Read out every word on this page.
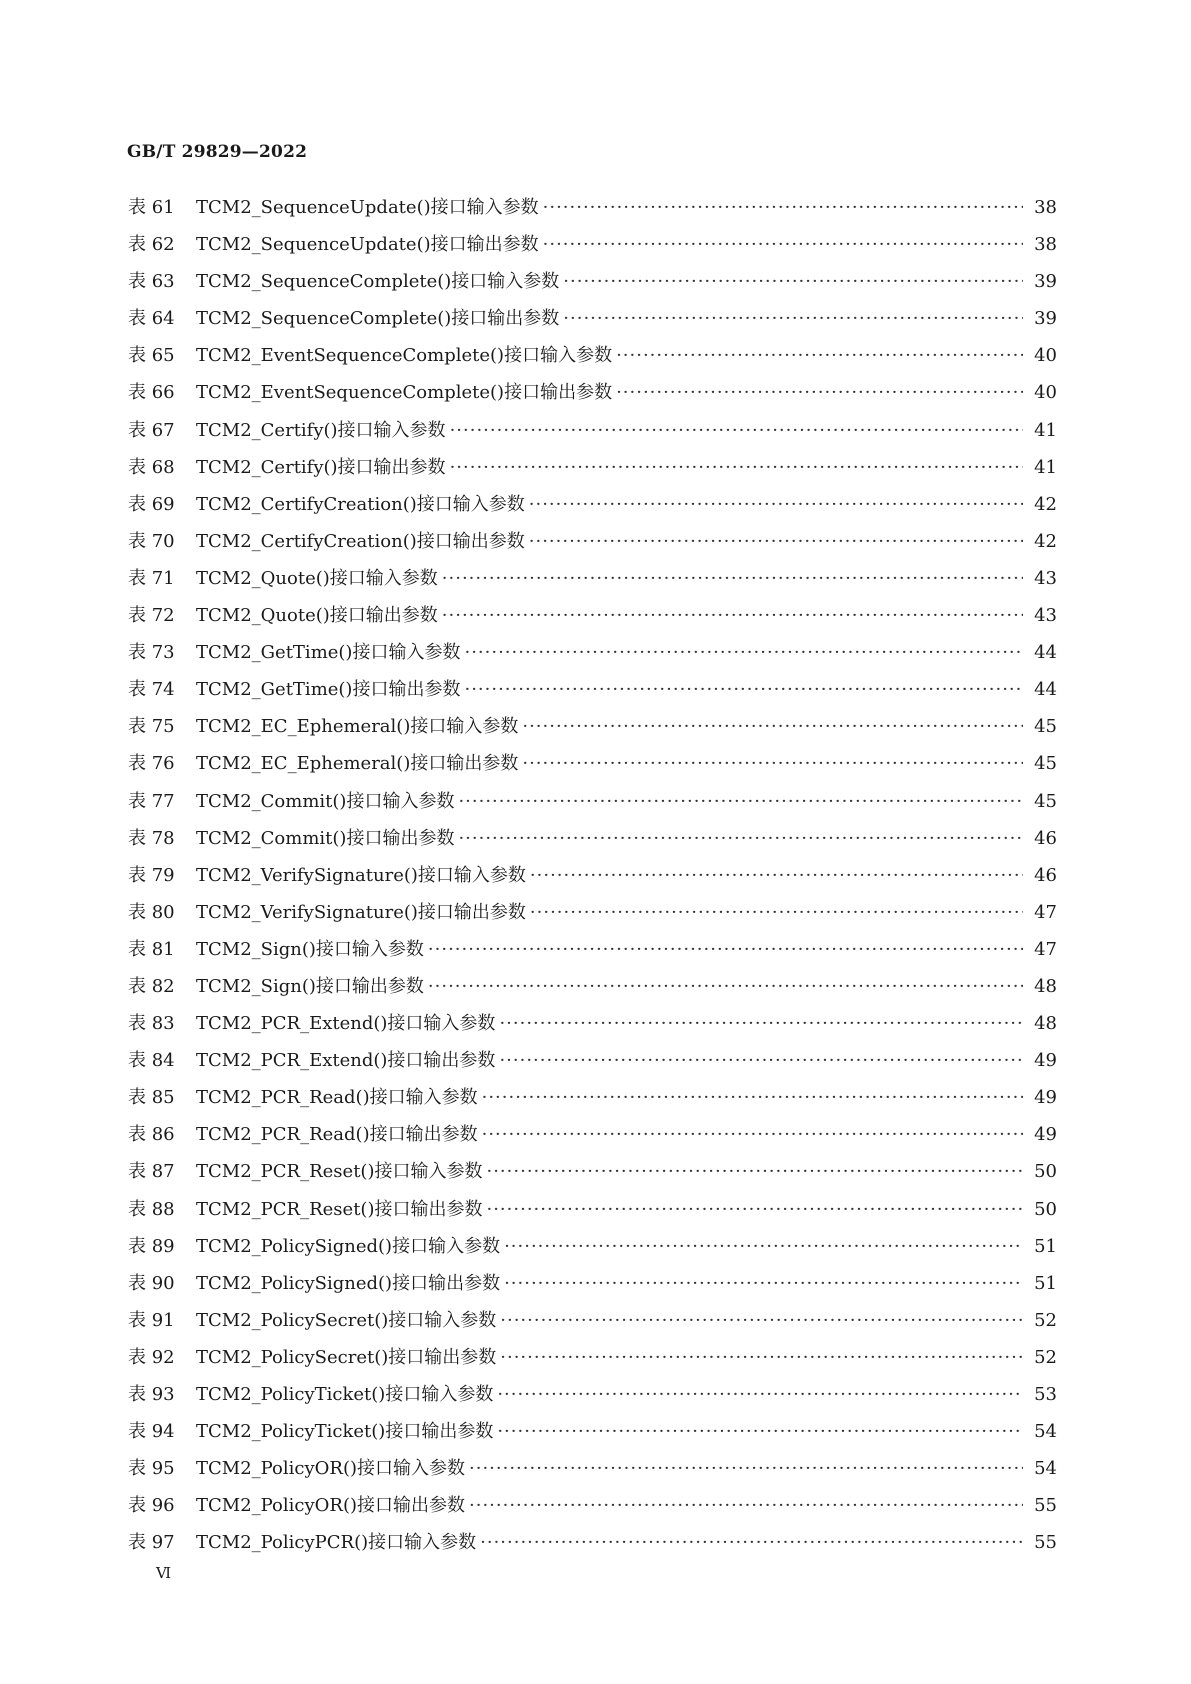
GB/T 29829—2022
表 61	TCM2_SequenceUpdate()接口输入参数 ·····	38
表 62	TCM2_SequenceUpdate()接口输出参数 ·····	38
表 63	TCM2_SequenceComplete()接口输入参数 ·····	39
表 64	TCM2_SequenceComplete()接口输出参数 ·····	39
表 65	TCM2_EventSequenceComplete()接口输入参数 ·····	40
表 66	TCM2_EventSequenceComplete()接口输出参数 ·····	40
表 67	TCM2_Certify()接口输入参数 ·····	41
表 68	TCM2_Certify()接口输出参数 ·····	41
表 69	TCM2_CertifyCreation()接口输入参数 ·····	42
表 70	TCM2_CertifyCreation()接口输出参数 ·····	42
表 71	TCM2_Quote()接口输入参数 ·····	43
表 72	TCM2_Quote()接口输出参数 ·····	43
表 73	TCM2_GetTime()接口输入参数 ·····	44
表 74	TCM2_GetTime()接口输出参数 ·····	44
表 75	TCM2_EC_Ephemeral()接口输入参数 ·····	45
表 76	TCM2_EC_Ephemeral()接口输出参数 ·····	45
表 77	TCM2_Commit()接口输入参数 ·····	45
表 78	TCM2_Commit()接口输出参数 ·····	46
表 79	TCM2_VerifySignature()接口输入参数 ·····	46
表 80	TCM2_VerifySignature()接口输出参数 ·····	47
表 81	TCM2_Sign()接口输入参数 ·····	47
表 82	TCM2_Sign()接口输出参数 ·····	48
表 83	TCM2_PCR_Extend()接口输入参数 ·····	48
表 84	TCM2_PCR_Extend()接口输出参数 ·····	49
表 85	TCM2_PCR_Read()接口输入参数 ·····	49
表 86	TCM2_PCR_Read()接口输出参数 ·····	49
表 87	TCM2_PCR_Reset()接口输入参数 ·····	50
表 88	TCM2_PCR_Reset()接口输出参数 ·····	50
表 89	TCM2_PolicySigned()接口输入参数 ·····	51
表 90	TCM2_PolicySigned()接口输出参数 ·····	51
表 91	TCM2_PolicySecret()接口输入参数 ·····	52
表 92	TCM2_PolicySecret()接口输出参数 ·····	52
表 93	TCM2_PolicyTicket()接口输入参数 ·····	53
表 94	TCM2_PolicyTicket()接口输出参数 ·····	54
表 95	TCM2_PolicyOR()接口输入参数 ·····	54
表 96	TCM2_PolicyOR()接口输出参数 ·····	55
表 97	TCM2_PolicyPCR()接口输入参数 ·····	55
Ⅵ
